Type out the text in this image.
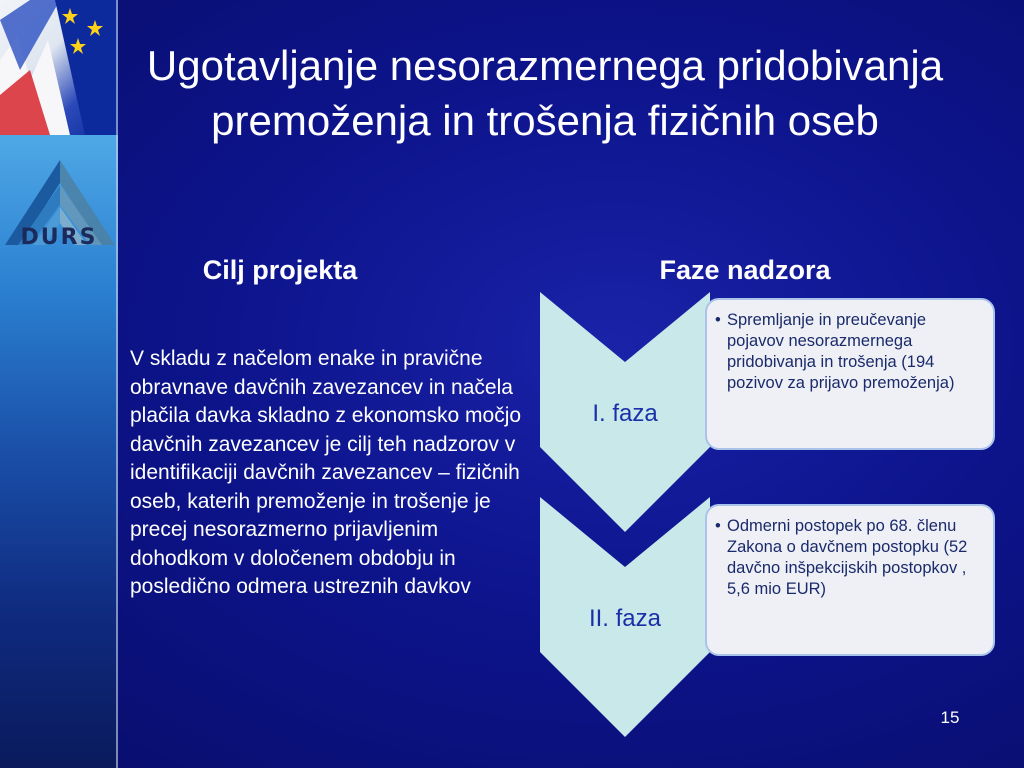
DURS
Ugotavljanje nesorazmernega pridobivanja premoženja in trošenja fizičnih oseb
Cilj projekta	Faze nadzora
V skladu z načelom enake in pravične obravnave davčnih zavezancev in načela plačila davka skladno z ekonomsko močjo davčnih zavezancev je cilj teh nadzorov v identifikaciji davčnih zavezancev – fizičnih oseb, katerih premoženje in trošenje je precej nesorazmerno prijavljenim dohodkom v določenem obdobju in posledično odmera ustreznih davkov
I. faza
II. faza
• Spremljanje in preučevanje pojavov nesorazmernega pridobivanja in trošenja (194 pozivov za prijavo premoženja)
• Odmerni postopek po 68. členu Zakona o davčnem postopku (52 davčno inšpekcijskih postopkov , 5,6 mio EUR)
15
